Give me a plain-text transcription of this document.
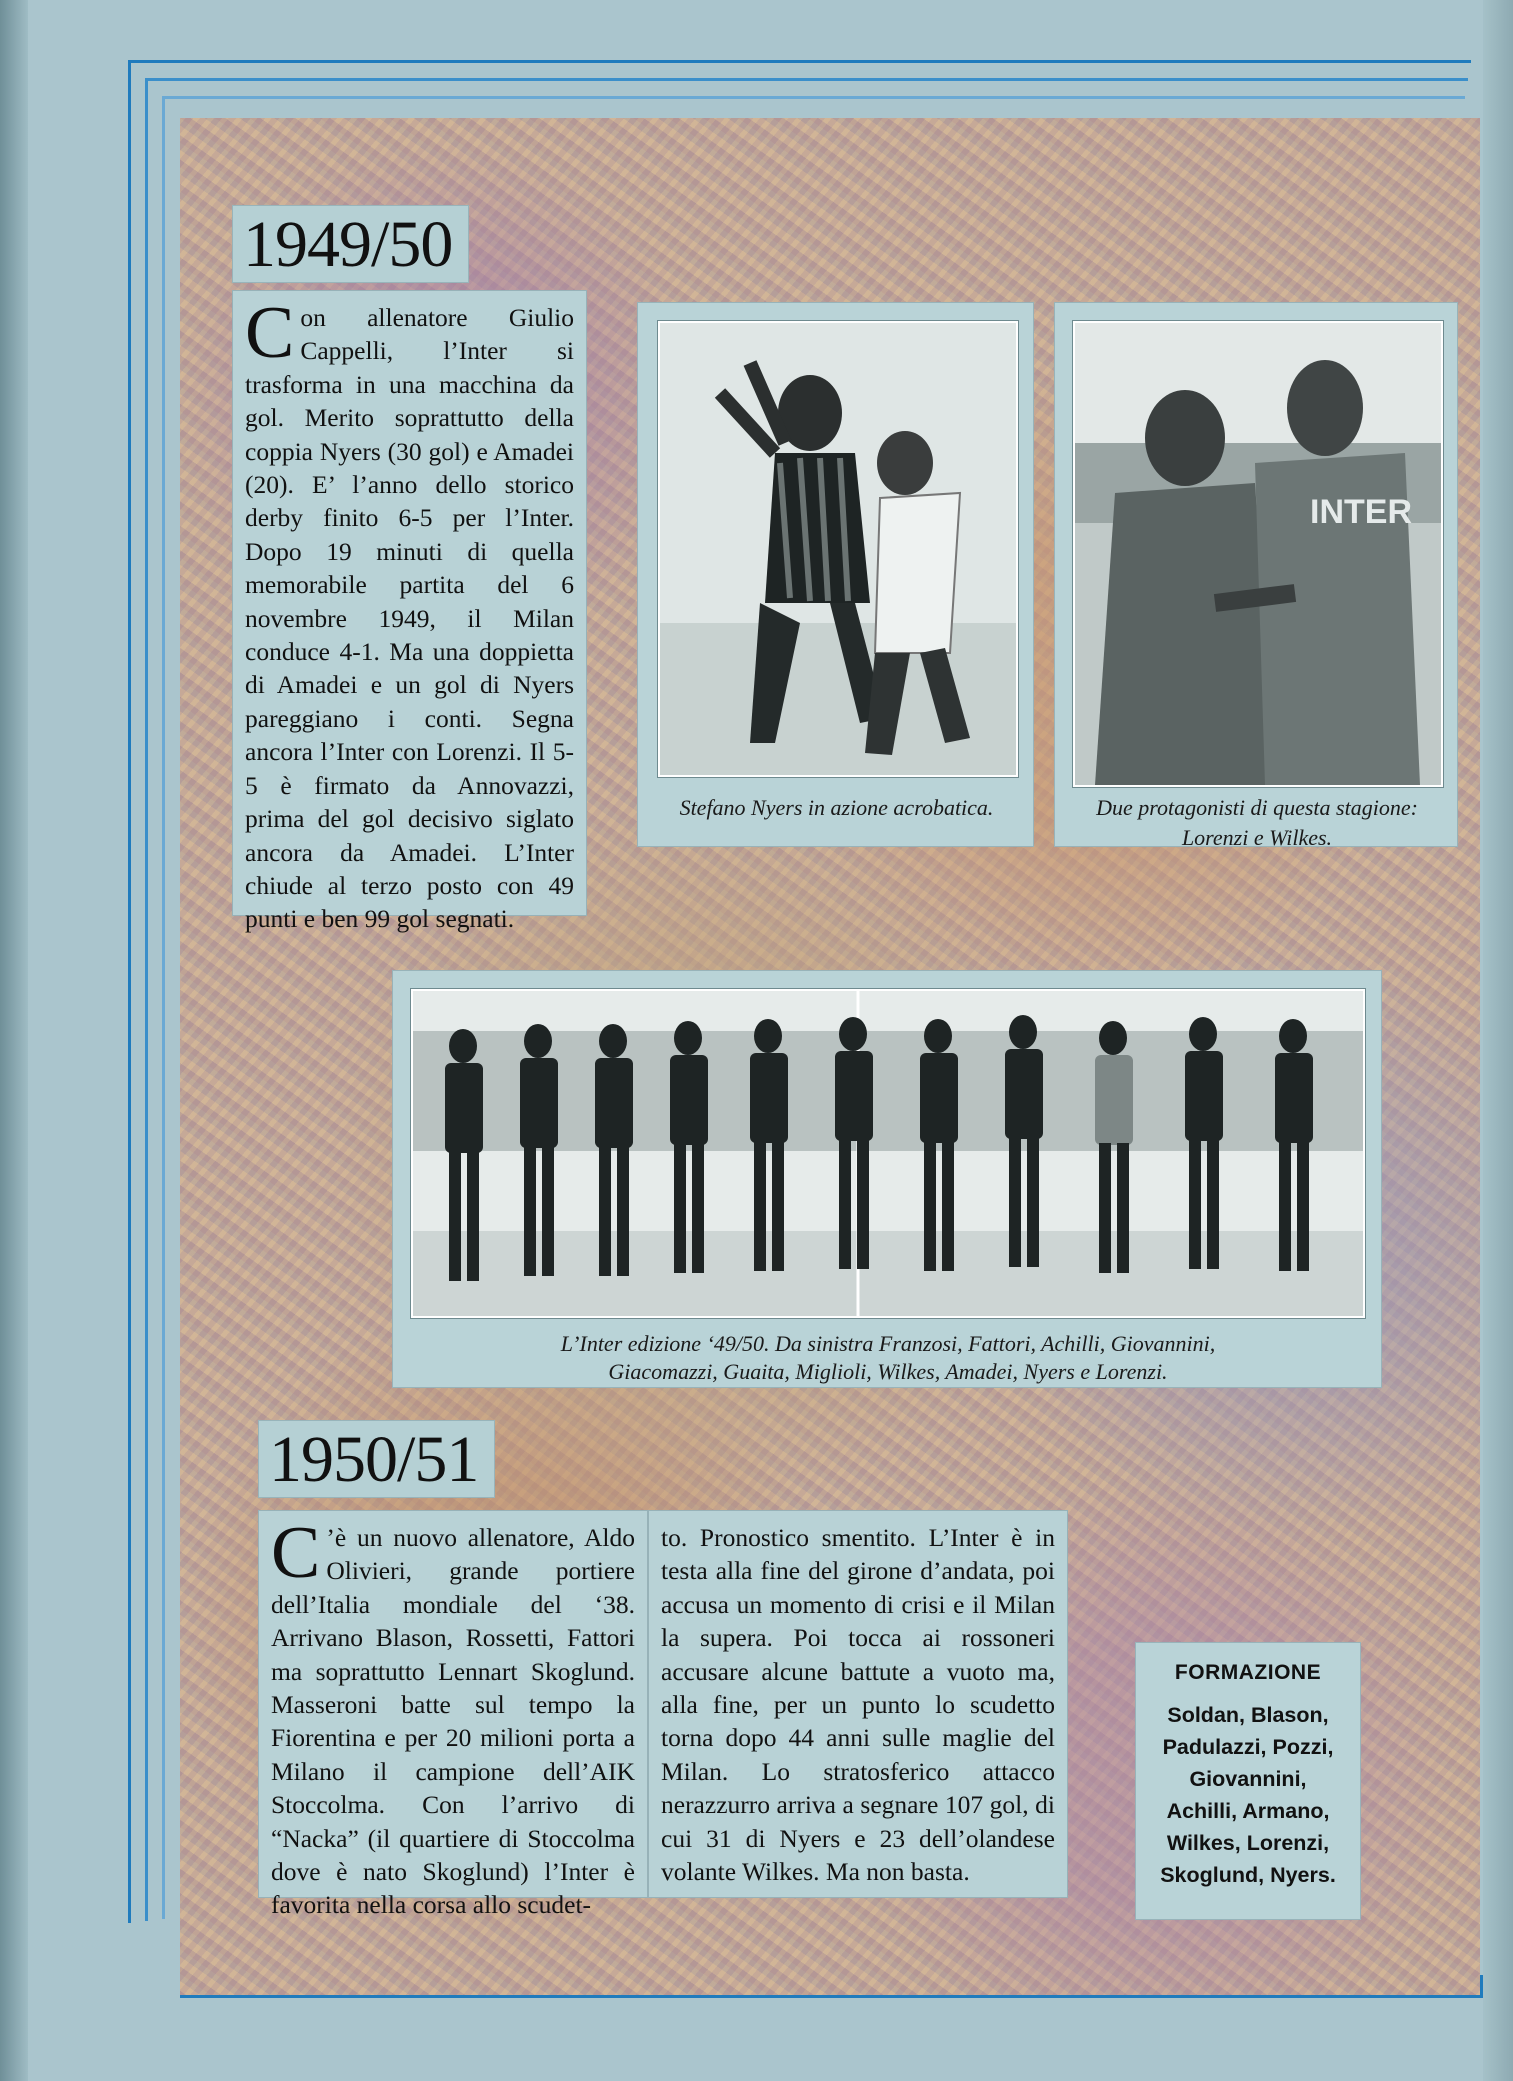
1949/50
C on allenatore Giulio Cappelli, l’Inter si trasforma in una macchina da gol. Merito soprattutto della coppia Nyers (30 gol) e Amadei (20). E’ l’anno dello storico derby finito 6-5 per l’Inter. Dopo 19 minuti di quella memorabile partita del 6 novembre 1949, il Milan conduce 4-1. Ma una doppietta di Amadei e un gol di Nyers pareggiano i conti. Segna ancora l’Inter con Lorenzi. Il 5-5 è firmato da Annovazzi, prima del gol decisivo siglato ancora da Amadei. L’Inter chiude al terzo posto con 49 punti e ben 99 gol segnati.

Stefano Nyers in azione acrobatica.
INTER
Due protagonisti di questa stagione:
Lorenzi e Wilkes.
L’Inter edizione ‘49/50. Da sinistra Franzosi, Fattori, Achilli, Giovannini,
Giacomazzi, Guaita, Miglioli, Wilkes, Amadei, Nyers e Lorenzi.
1950/51
C ’è un nuovo allenatore, Aldo Olivieri, grande portiere dell’Italia mondiale del ‘38. Arrivano Blason, Rossetti, Fattori ma soprattutto Lennart Skoglund. Masseroni batte sul tempo la Fiorentina e per 20 milioni porta a Milano il campione dell’AIK Stoccolma. Con l’arrivo di “Nacka” (il quartiere di Stoccolma dove è nato Skoglund) l’Inter è favorita nella corsa allo scudet-

to. Pronostico smentito. L’Inter è in testa alla fine del girone d’andata, poi accusa un momento di crisi e il Milan la supera. Poi tocca ai rossoneri accusare alcune battute a vuoto ma, alla fine, per un punto lo scudetto torna dopo 44 anni sulle maglie del Milan. Lo stratosferico attacco nerazzurro arriva a segnare 107 gol, di cui 31 di Nyers e 23 dell’olandese volante Wilkes. Ma non basta.

FORMAZIONE
Soldan, Blason,
Padulazzi, Pozzi,
Giovannini,
Achilli, Armano,
Wilkes, Lorenzi,
Skoglund, Nyers.
